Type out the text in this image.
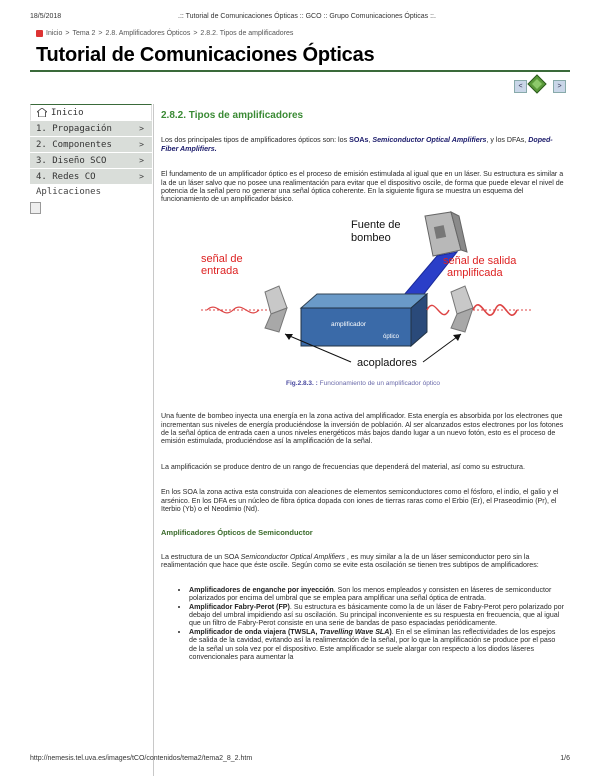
18/5/2018	.:: Tutorial de Comunicaciones Ópticas :: GCO :: Grupo Comunicaciones Ópticas ::.
Inicio > Tema 2 > 2.8. Amplificadores Ópticos > 2.8.2. Tipos de amplificadores
Tutorial de Comunicaciones Ópticas
<	>
Inicio
1. Propagación	>
2. Componentes	>
3. Diseño SCO	>
4. Redes CO	>
Aplicaciones

2.8.2. Tipos de amplificadores

Los dos principales tipos de amplificadores ópticos son: los SOAs, Semiconductor Optical Amplifiers, y los DFAs, Doped-Fiber Amplifiers.

El fundamento de un amplificador óptico es el proceso de emisión estimulada al igual que en un láser. Su estructura es similar a la de un láser salvo que no posee una realimentación para evitar que el dispositivo oscile, de forma que puede elevar el nivel de potencia de la señal pero no generar una señal óptica coherente. En la siguiente figura se muestra un esquema del funcionamiento de un amplificador básico.

amplificador
óptico
Fuente de
bombeo
señal de
entrada
señal de salida
amplificada
acopladores

Fig.2.8.3. : Funcionamiento de un amplificador óptico

Una fuente de bombeo inyecta una energía en la zona activa del amplificador. Esta energía es absorbida por los electrones que incrementan sus niveles de energía produciéndose la inversión de población. Al ser alcanzados estos electrones por los fotones de la señal óptica de entrada caen a unos niveles energéticos más bajos dando lugar a un nuevo fotón, esto es el proceso de emisión estimulada, produciéndose así la amplificación de la señal.

La amplificación se produce dentro de un rango de frecuencias que dependerá del material, así como su estructura.

En los SOA la zona activa esta construida con aleaciones de elementos semiconductores como el fósforo, el indio, el galio y el arsénico. En los DFA es un núcleo de fibra óptica dopada con iones de tierras raras como el Erbio (Er), el Praseodimio (Pr), el Iterbio (Yb) o el Neodimio (Nd).

Amplificadores Ópticos de Semiconductor

La estructura de un SOA Semiconductor Optical Amplifiers , es muy similar a la de un láser semiconductor pero sin la realimentación que hace que éste oscile. Según como se evite esta oscilación se tienen tres subtipos de amplificadores:

• Amplificadores de enganche por inyección. Son los menos empleados y consisten en láseres de semiconductor polarizados por encima del umbral que se emplea para amplificar una señal óptica de entrada.
• Amplificador Fabry-Perot (FP). Su estructura es básicamente como la de un láser de Fabry-Perot pero polarizado por debajo del umbral impidiendo así su oscilación. Su principal inconveniente es su respuesta en frecuencia, que al igual que un filtro de Fabry-Perot consiste en una serie de bandas de paso espaciadas periódicamente.
• Amplificador de onda viajera (TWSLA, Travelling Wave SLA). En el se eliminan las reflectividades de los espejos de salida de la cavidad, evitando así la realimentación de la señal, por lo que la amplificación se produce por el paso de la señal un sola vez por el dispositivo. Este amplificador se suele alargar con respecto a los diodos láseres convencionales para aumentar la
http://nemesis.tel.uva.es/images/tCO/contenidos/tema2/tema2_8_2.htm	1/6
